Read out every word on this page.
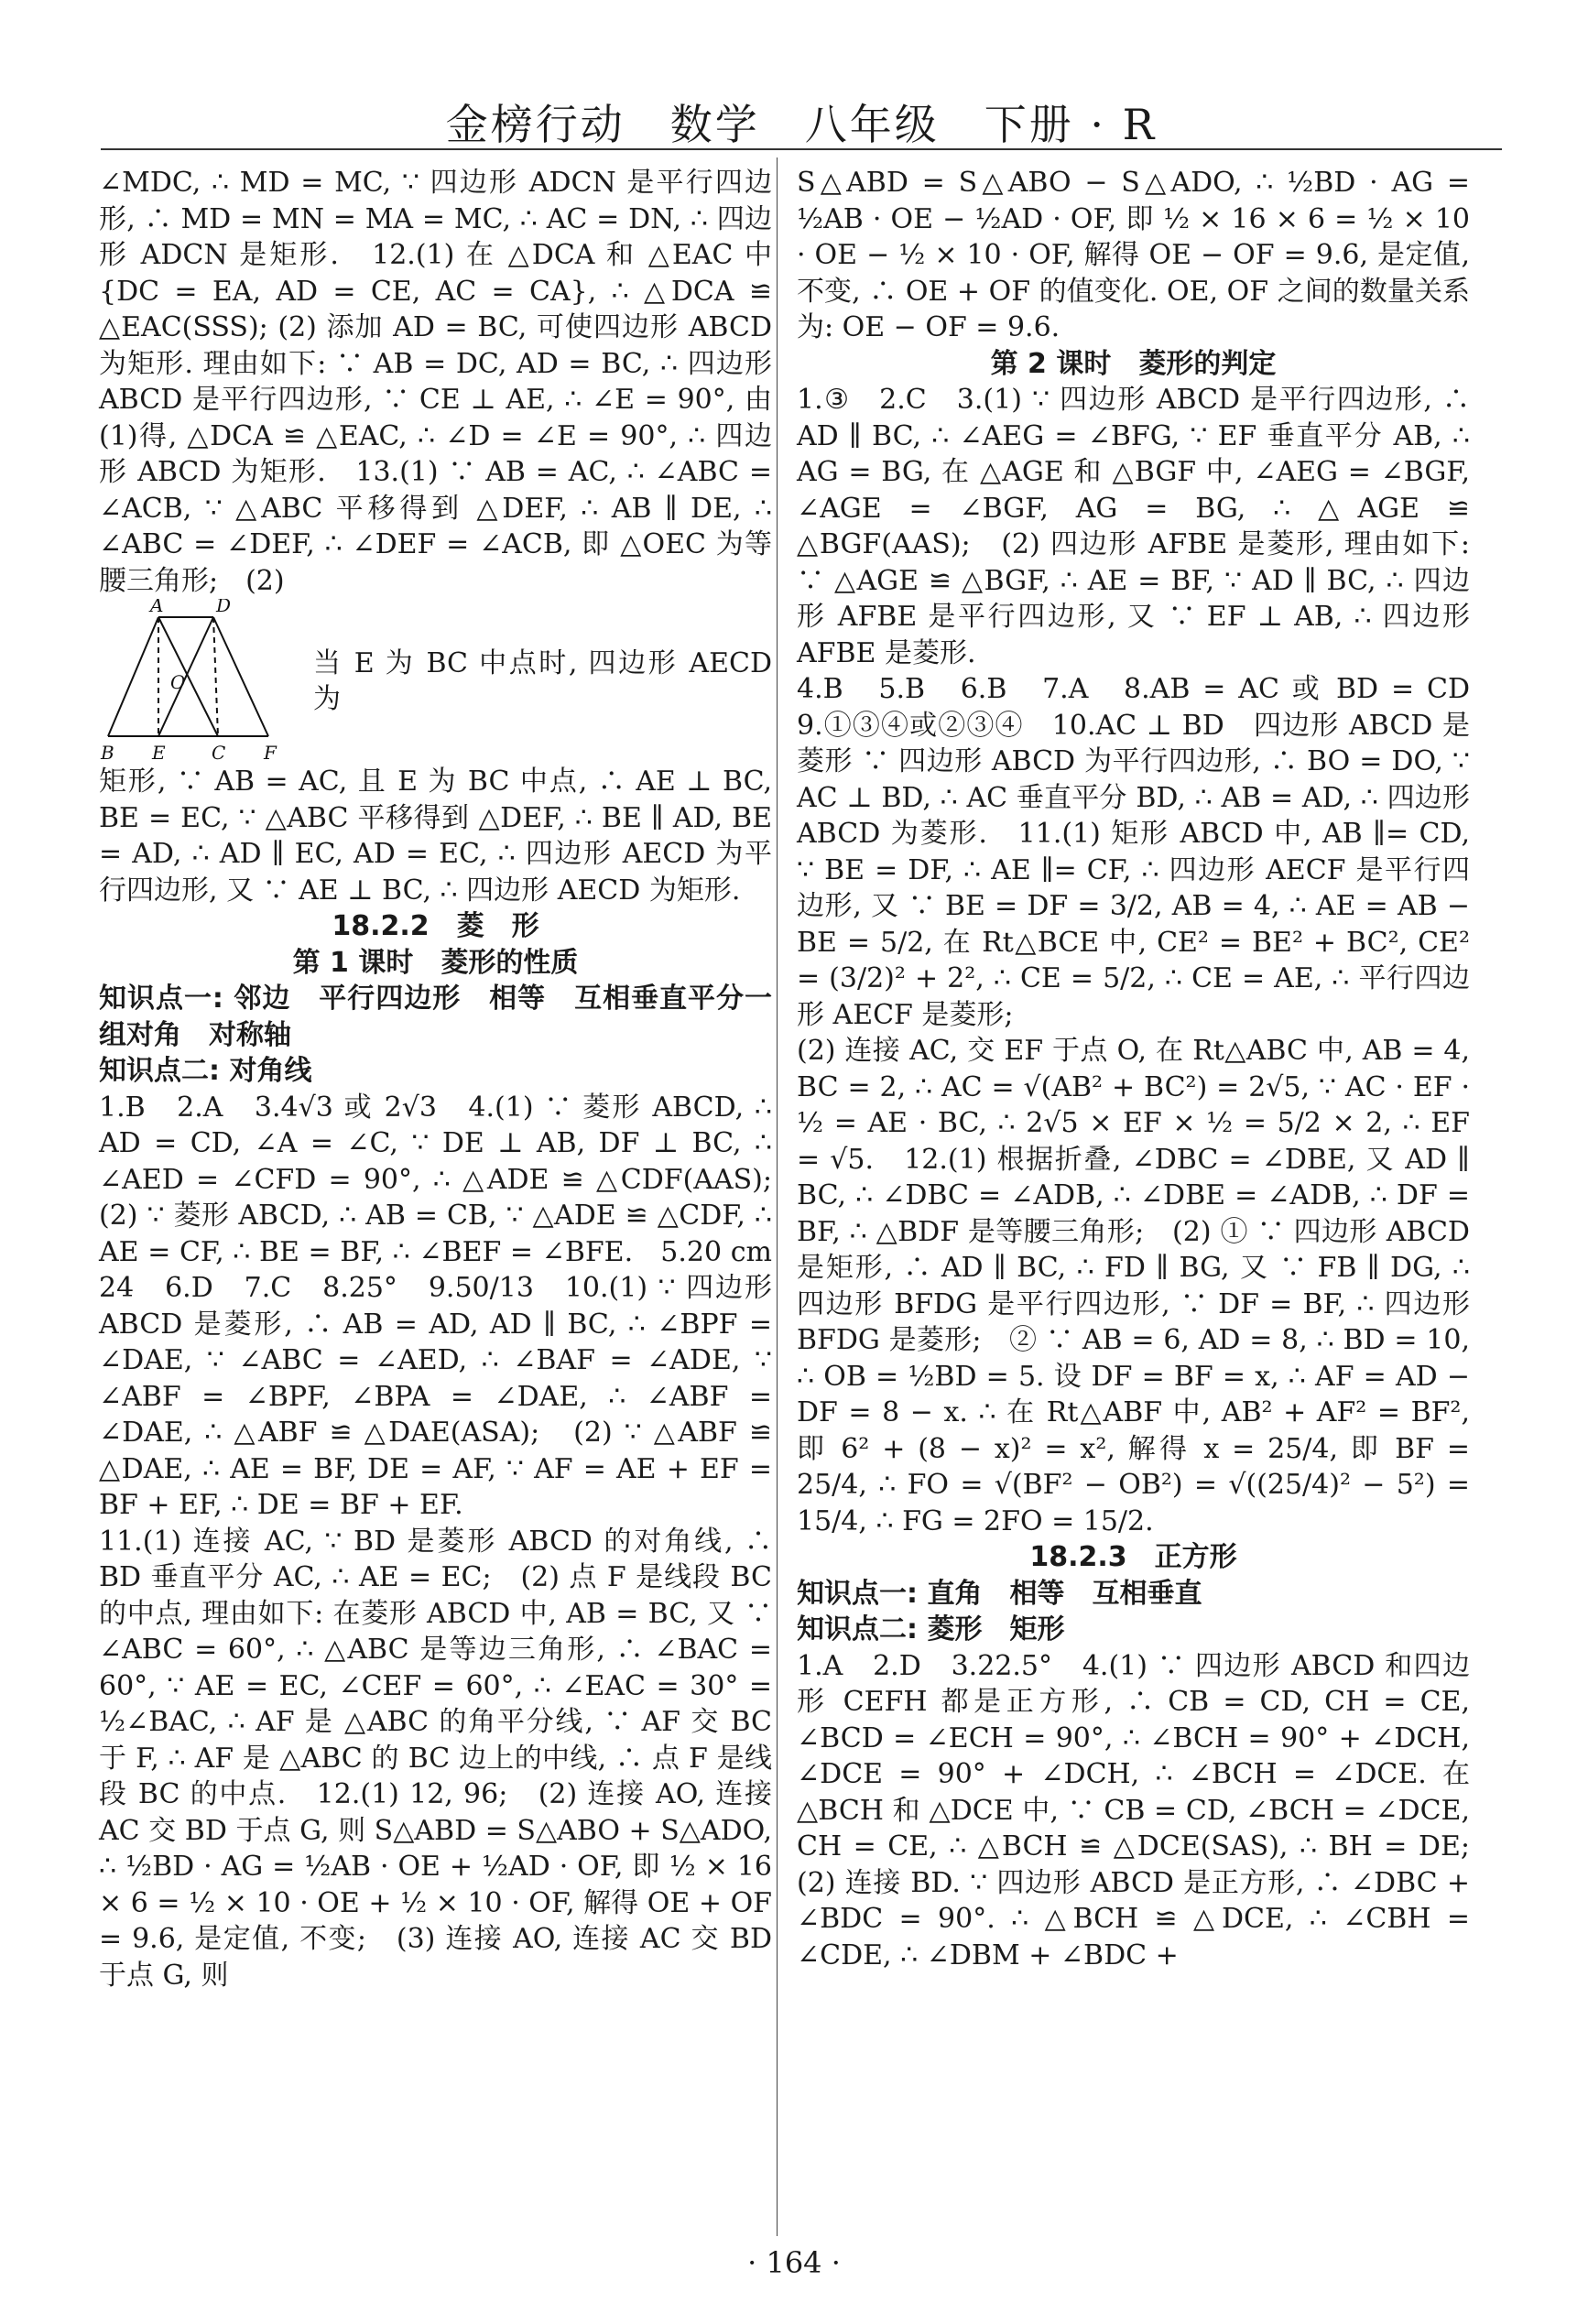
金榜行动　数学　八年级　下册 · R

∠MDC, ∴ MD = MC, ∵ 四边形 ADCN 是平行四边形, ∴ MD = MN = MA = MC, ∴ AC = DN, ∴ 四边形 ADCN 是矩形.　12.(1) 在 △DCA 和 △EAC 中 {DC = EA, AD = CE, AC = CA}, ∴ △DCA ≌ △EAC(SSS); (2) 添加 AD = BC, 可使四边形 ABCD 为矩形. 理由如下: ∵ AB = DC, AD = BC, ∴ 四边形 ABCD 是平行四边形, ∵ CE ⊥ AE, ∴ ∠E = 90°, 由(1)得, △DCA ≌ △EAC, ∴ ∠D = ∠E = 90°, ∴ 四边形 ABCD 为矩形.　13.(1) ∵ AB = AC, ∴ ∠ABC = ∠ACB, ∵ △ABC 平移得到 △DEF, ∴ AB ∥ DE, ∴ ∠ABC = ∠DEF, ∴ ∠DEF = ∠ACB, 即 △OEC 为等腰三角形;　(2)

A	D
O
B E	C F

当 E 为 BC 中点时, 四边形 AECD 为

矩形, ∵ AB = AC, 且 E 为 BC 中点, ∴ AE ⊥ BC, BE = EC, ∵ △ABC 平移得到 △DEF, ∴ BE ∥ AD, BE = AD, ∴ AD ∥ EC, AD = EC, ∴ 四边形 AECD 为平行四边形, 又 ∵ AE ⊥ BC, ∴ 四边形 AECD 为矩形.

18.2.2　菱　形

第 1 课时　菱形的性质

知识点一: 邻边　平行四边形　相等　互相垂直平分一组对角　对称轴

知识点二: 对角线

1.B　2.A　3.4√3 或 2√3　4.(1) ∵ 菱形 ABCD, ∴ AD = CD, ∠A = ∠C, ∵ DE ⊥ AB, DF ⊥ BC, ∴ ∠AED = ∠CFD = 90°, ∴ △ADE ≌ △CDF(AAS);　(2) ∵ 菱形 ABCD, ∴ AB = CB, ∵ △ADE ≌ △CDF, ∴ AE = CF, ∴ BE = BF, ∴ ∠BEF = ∠BFE.　5.20 cm　24　6.D　7.C　8.25°　9.50/13　10.(1) ∵ 四边形 ABCD 是菱形, ∴ AB = AD, AD ∥ BC, ∴ ∠BPF = ∠DAE, ∵ ∠ABC = ∠AED, ∴ ∠BAF = ∠ADE, ∵ ∠ABF = ∠BPF, ∠BPA = ∠DAE, ∴ ∠ABF = ∠DAE, ∴ △ABF ≌ △DAE(ASA);　(2) ∵ △ABF ≌ △DAE, ∴ AE = BF, DE = AF, ∵ AF = AE + EF = BF + EF, ∴ DE = BF + EF.

11.(1) 连接 AC, ∵ BD 是菱形 ABCD 的对角线, ∴ BD 垂直平分 AC, ∴ AE = EC;　(2) 点 F 是线段 BC 的中点, 理由如下: 在菱形 ABCD 中, AB = BC, 又 ∵ ∠ABC = 60°, ∴ △ABC 是等边三角形, ∴ ∠BAC = 60°, ∵ AE = EC, ∠CEF = 60°, ∴ ∠EAC = 30° = ½∠BAC, ∴ AF 是 △ABC 的角平分线, ∵ AF 交 BC 于 F, ∴ AF 是 △ABC 的 BC 边上的中线, ∴ 点 F 是线段 BC 的中点.　12.(1) 12, 96;　(2) 连接 AO, 连接 AC 交 BD 于点 G, 则 S△ABD = S△ABO + S△ADO, ∴ ½BD · AG = ½AB · OE + ½AD · OF, 即 ½ × 16 × 6 = ½ × 10 · OE + ½ × 10 · OF, 解得 OE + OF = 9.6, 是定值, 不变;　(3) 连接 AO, 连接 AC 交 BD 于点 G, 则

S△ABD = S△ABO − S△ADO, ∴ ½BD · AG = ½AB · OE − ½AD · OF, 即 ½ × 16 × 6 = ½ × 10 · OE − ½ × 10 · OF, 解得 OE − OF = 9.6, 是定值, 不变, ∴ OE + OF 的值变化. OE, OF 之间的数量关系为: OE − OF = 9.6.

第 2 课时　菱形的判定

1.③　2.C　3.(1) ∵ 四边形 ABCD 是平行四边形, ∴ AD ∥ BC, ∴ ∠AEG = ∠BFG, ∵ EF 垂直平分 AB, ∴ AG = BG, 在 △AGE 和 △BGF 中, ∠AEG = ∠BGF, ∠AGE = ∠BGF, AG = BG, ∴ △AGE ≌ △BGF(AAS);　(2) 四边形 AFBE 是菱形, 理由如下: ∵ △AGE ≌ △BGF, ∴ AE = BF, ∵ AD ∥ BC, ∴ 四边形 AFBE 是平行四边形, 又 ∵ EF ⊥ AB, ∴ 四边形 AFBE 是菱形.

4.B　5.B　6.B　7.A　8.AB = AC 或 BD = CD　9.①③④或②③④　10.AC ⊥ BD　四边形 ABCD 是菱形 ∵ 四边形 ABCD 为平行四边形, ∴ BO = DO, ∵ AC ⊥ BD, ∴ AC 垂直平分 BD, ∴ AB = AD, ∴ 四边形 ABCD 为菱形.　11.(1) 矩形 ABCD 中, AB ∥= CD, ∵ BE = DF, ∴ AE ∥= CF, ∴ 四边形 AECF 是平行四边形, 又 ∵ BE = DF = 3/2, AB = 4, ∴ AE = AB − BE = 5/2, 在 Rt△BCE 中, CE² = BE² + BC², CE² = (3/2)² + 2², ∴ CE = 5/2, ∴ CE = AE, ∴ 平行四边形 AECF 是菱形;

(2) 连接 AC, 交 EF 于点 O, 在 Rt△ABC 中, AB = 4, BC = 2, ∴ AC = √(AB² + BC²) = 2√5, ∵ AC · EF · ½ = AE · BC, ∴ 2√5 × EF × ½ = 5/2 × 2, ∴ EF = √5.　12.(1) 根据折叠, ∠DBC = ∠DBE, 又 AD ∥ BC, ∴ ∠DBC = ∠ADB, ∴ ∠DBE = ∠ADB, ∴ DF = BF, ∴ △BDF 是等腰三角形;　(2) ① ∵ 四边形 ABCD 是矩形, ∴ AD ∥ BC, ∴ FD ∥ BG, 又 ∵ FB ∥ DG, ∴ 四边形 BFDG 是平行四边形, ∵ DF = BF, ∴ 四边形 BFDG 是菱形;　② ∵ AB = 6, AD = 8, ∴ BD = 10, ∴ OB = ½BD = 5. 设 DF = BF = x, ∴ AF = AD − DF = 8 − x. ∴ 在 Rt△ABF 中, AB² + AF² = BF², 即 6² + (8 − x)² = x², 解得 x = 25/4, 即 BF = 25/4, ∴ FO = √(BF² − OB²) = √((25/4)² − 5²) = 15/4, ∴ FG = 2FO = 15/2.

18.2.3　正方形

知识点一: 直角　相等　互相垂直

知识点二: 菱形　矩形

1.A　2.D　3.22.5°　4.(1) ∵ 四边形 ABCD 和四边形 CEFH 都是正方形, ∴ CB = CD, CH = CE, ∠BCD = ∠ECH = 90°, ∴ ∠BCH = 90° + ∠DCH, ∠DCE = 90° + ∠DCH, ∴ ∠BCH = ∠DCE. 在 △BCH 和 △DCE 中, ∵ CB = CD, ∠BCH = ∠DCE, CH = CE, ∴ △BCH ≌ △DCE(SAS), ∴ BH = DE;　(2) 连接 BD. ∵ 四边形 ABCD 是正方形, ∴ ∠DBC + ∠BDC = 90°. ∴ △BCH ≌ △DCE, ∴ ∠CBH = ∠CDE, ∴ ∠DBM + ∠BDC +

· 164 ·
